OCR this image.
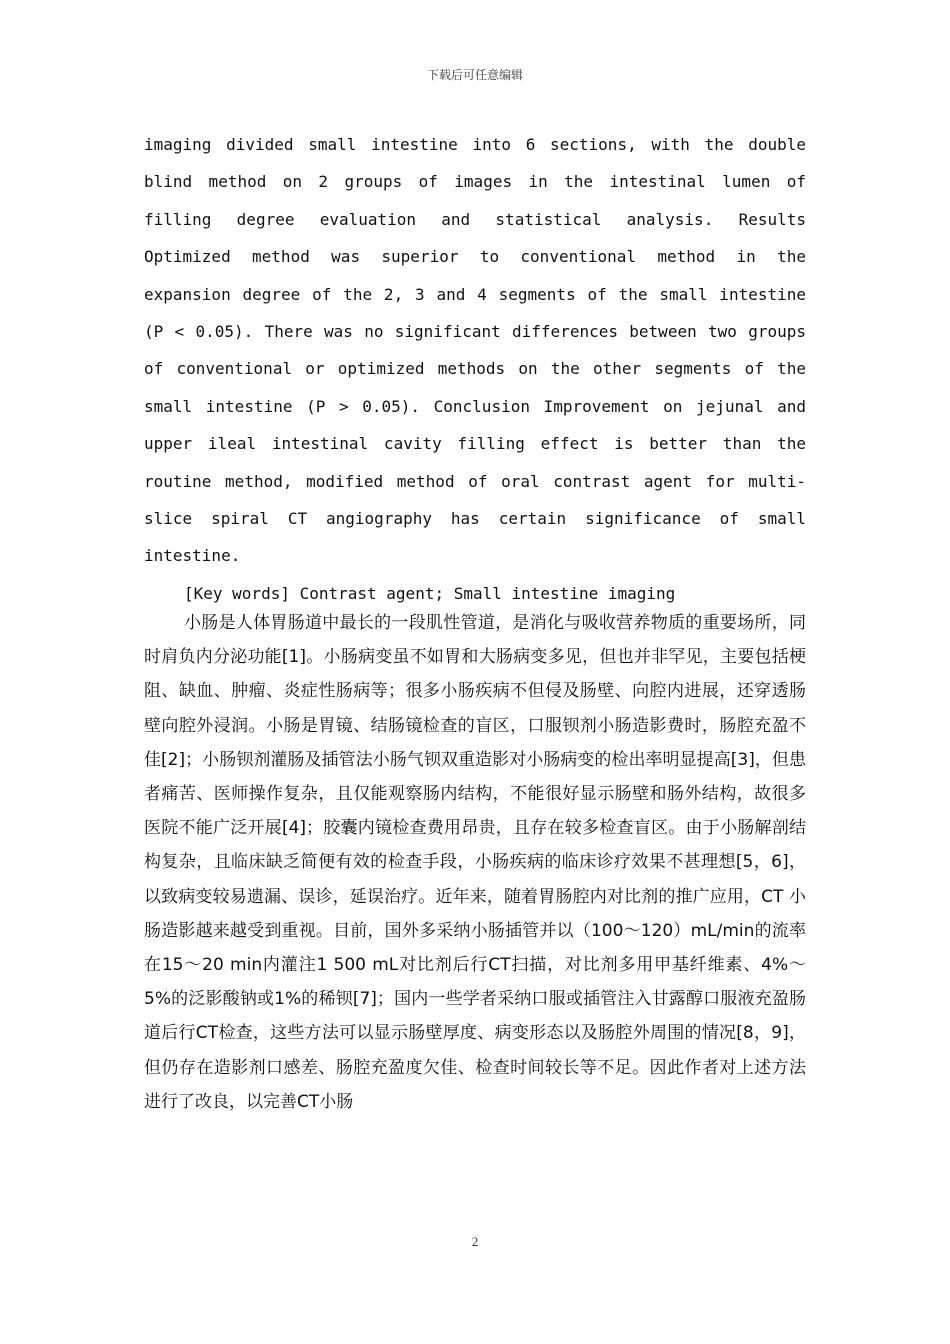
下载后可任意编辑

imaging divided small intestine into 6 sections, with the double blind method on 2 groups of images in the intestinal lumen of filling degree evaluation and statistical analysis. Results Optimized method was superior to conventional method in the expansion degree of the 2, 3 and 4 segments of the small intestine (P < 0.05). There was no significant differences between two groups of conventional or optimized methods on the other segments of the small intestine (P > 0.05). Conclusion Improvement on jejunal and upper ileal intestinal cavity filling effect is better than the routine method, modified method of oral contrast agent for multi-slice spiral CT angiography has certain significance of small intestine.

[Key words] Contrast agent; Small intestine imaging

小肠是人体胃肠道中最长的一段肌性管道，是消化与吸收营养物质的重要场所，同时肩负内分泌功能[1]。小肠病变虽不如胃和大肠病变多见，但也并非罕见，主要包括梗阻、缺血、肿瘤、炎症性肠病等；很多小肠疾病不但侵及肠壁、向腔内进展，还穿透肠壁向腔外浸润。小肠是胃镜、结肠镜检查的盲区，口服钡剂小肠造影费时，肠腔充盈不佳[2]；小肠钡剂灌肠及插管法小肠气钡双重造影对小肠病变的检出率明显提高[3]，但患者痛苦、医师操作复杂，且仅能观察肠内结构，不能很好显示肠壁和肠外结构，故很多医院不能广泛开展[4]；胶囊内镜检查费用昂贵，且存在较多检查盲区。由于小肠解剖结构复杂，且临床缺乏简便有效的检查手段，小肠疾病的临床诊疗效果不甚理想[5，6]，以致病变较易遗漏、误诊，延误治疗。近年来，随着胃肠腔内对比剂的推广应用，CT 小肠造影越来越受到重视。目前，国外多采纳小肠插管并以（100～120）mL/min的流率在15～20 min内灌注1 500 mL对比剂后行CT扫描，对比剂多用甲基纤维素、4%～5%的泛影酸钠或1%的稀钡[7]；国内一些学者采纳口服或插管注入甘露醇口服液充盈肠道后行CT检查，这些方法可以显示肠壁厚度、病变形态以及肠腔外周围的情况[8，9]，但仍存在造影剂口感差、肠腔充盈度欠佳、检查时间较长等不足。因此作者对上述方法进行了改良，以完善CT小肠

2
